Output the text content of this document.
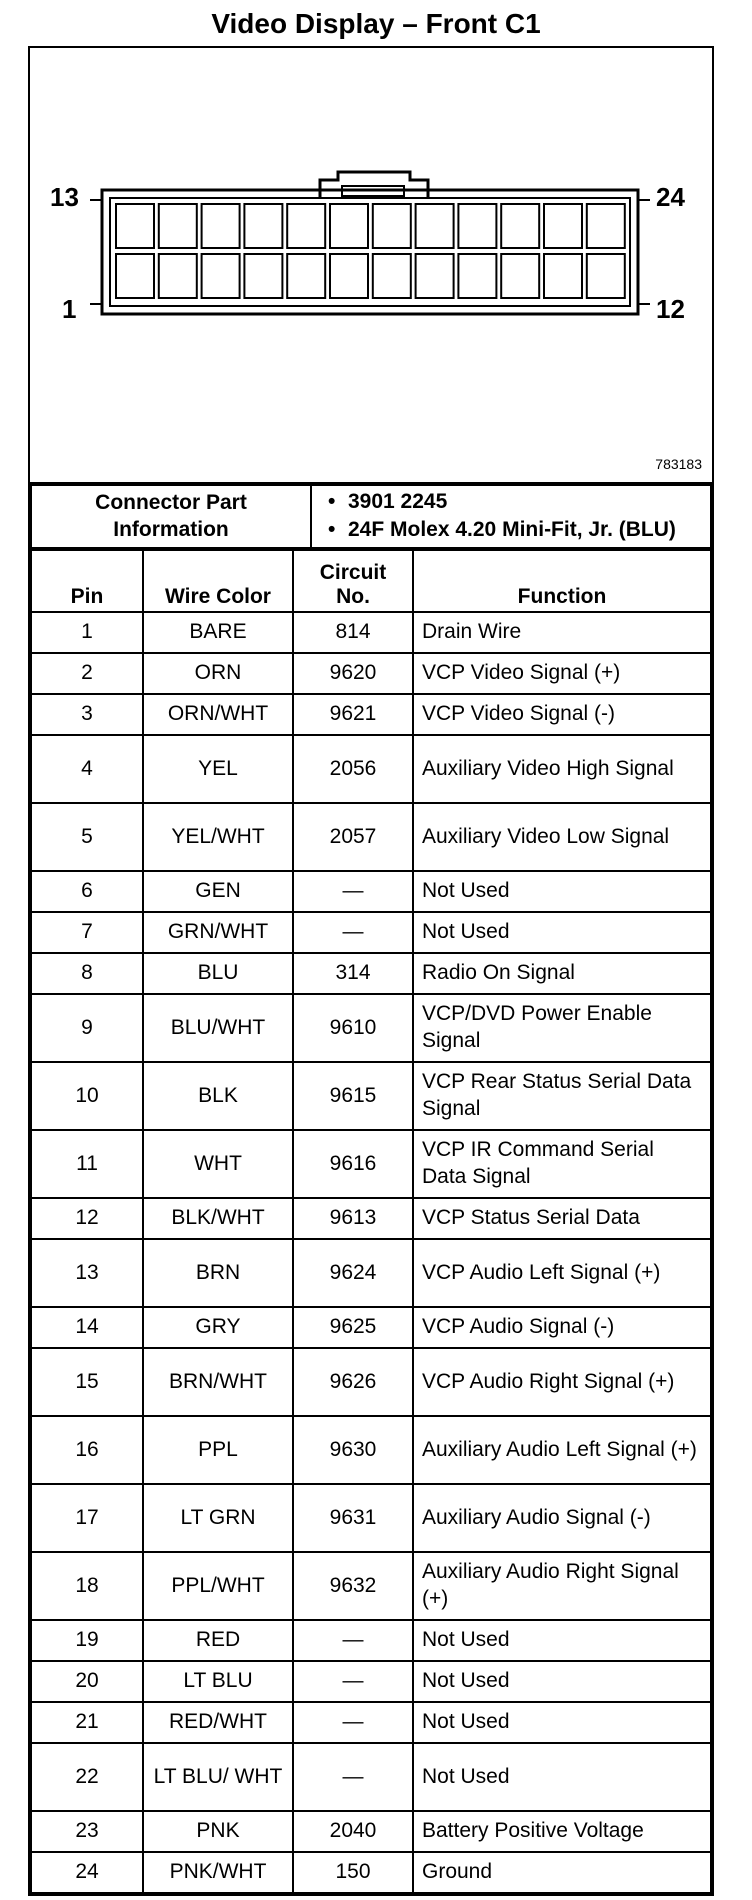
Video Display – Front C1
13	24
1	12
783183
Connector Part
Information	
• 3901 2245
• 24F Molex 4.20 Mini-Fit, Jr. (BLU)
Pin	Wire Color	Circuit No.	Function
1	BARE	814	Drain Wire
2	ORN	9620	VCP Video Signal (+)
3	ORN/WHT	9621	VCP Video Signal (-)
4	YEL	2056	Auxiliary Video High Signal
5	YEL/WHT	2057	Auxiliary Video Low Signal
6	GEN	—	Not Used
7	GRN/WHT	—	Not Used
8	BLU	314	Radio On Signal
9	BLU/WHT	9610	VCP/DVD Power Enable Signal
10	BLK	9615	VCP Rear Status Serial Data Signal
11	WHT	9616	VCP IR Command Serial Data Signal
12	BLK/WHT	9613	VCP Status Serial Data
13	BRN	9624	VCP Audio Left Signal (+)
14	GRY	9625	VCP Audio Signal (-)
15	BRN/WHT	9626	VCP Audio Right Signal (+)
16	PPL	9630	Auxiliary Audio Left Signal (+)
17	LT GRN	9631	Auxiliary Audio Signal (-)
18	PPL/WHT	9632	Auxiliary Audio Right Signal (+)
19	RED	—	Not Used
20	LT BLU	—	Not Used
21	RED/WHT	—	Not Used
22	LT BLU/ WHT	—	Not Used
23	PNK	2040	Battery Positive Voltage
24	PNK/WHT	150	Ground
